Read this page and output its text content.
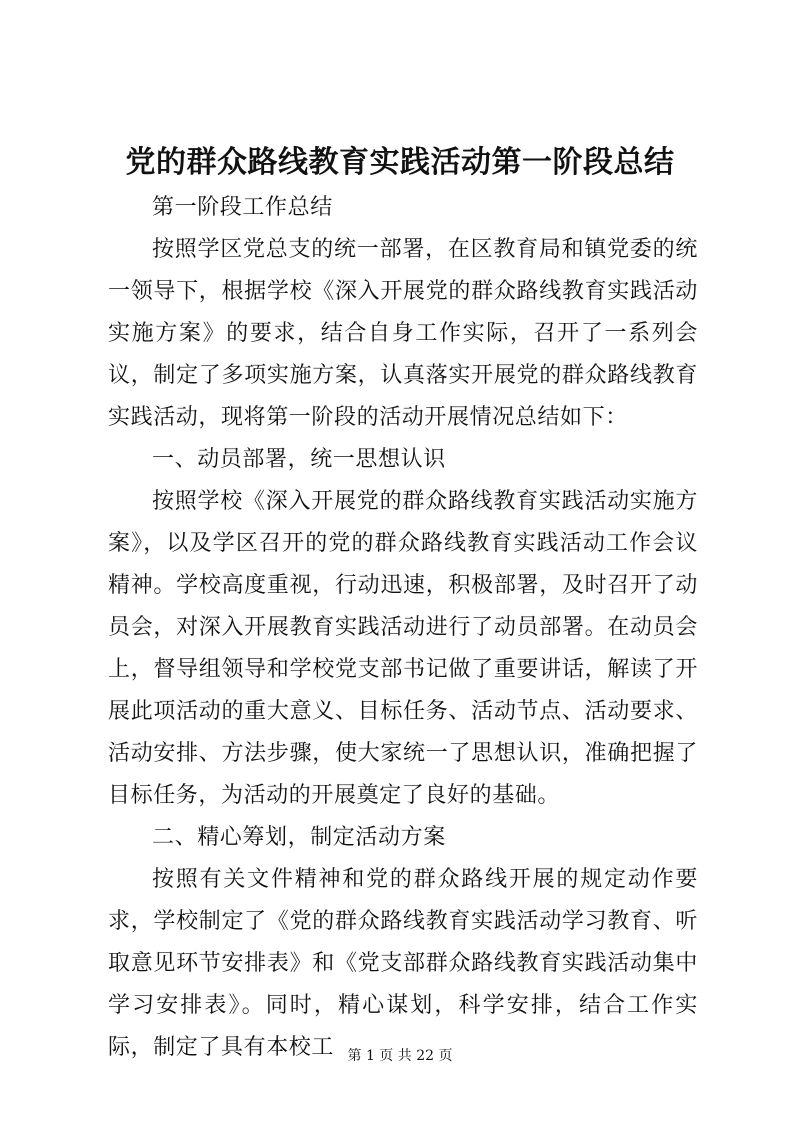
党的群众路线教育实践活动第一阶段总结

第一阶段工作总结

按照学区党总支的统一部署，在区教育局和镇党委的统一领导下，根据学校《深入开展党的群众路线教育实践活动实施方案》的要求，结合自身工作实际，召开了一系列会议，制定了多项实施方案，认真落实开展党的群众路线教育实践活动，现将第一阶段的活动开展情况总结如下：

一、动员部署，统一思想认识

按照学校《深入开展党的群众路线教育实践活动实施方案》，以及学区召开的党的群众路线教育实践活动工作会议精神。学校高度重视，行动迅速，积极部署，及时召开了动员会，对深入开展教育实践活动进行了动员部署。在动员会上，督导组领导和学校党支部书记做了重要讲话，解读了开展此项活动的重大意义、目标任务、活动节点、活动要求、活动安排、方法步骤，使大家统一了思想认识，准确把握了目标任务，为活动的开展奠定了良好的基础。

二、精心筹划，制定活动方案

按照有关文件精神和党的群众路线开展的规定动作要求，学校制定了《党的群众路线教育实践活动学习教育、听取意见环节安排表》和《党支部群众路线教育实践活动集中学习安排表》。同时，精心谋划，科学安排，结合工作实际，制定了具有本校工 第 1 页 共 22 页
